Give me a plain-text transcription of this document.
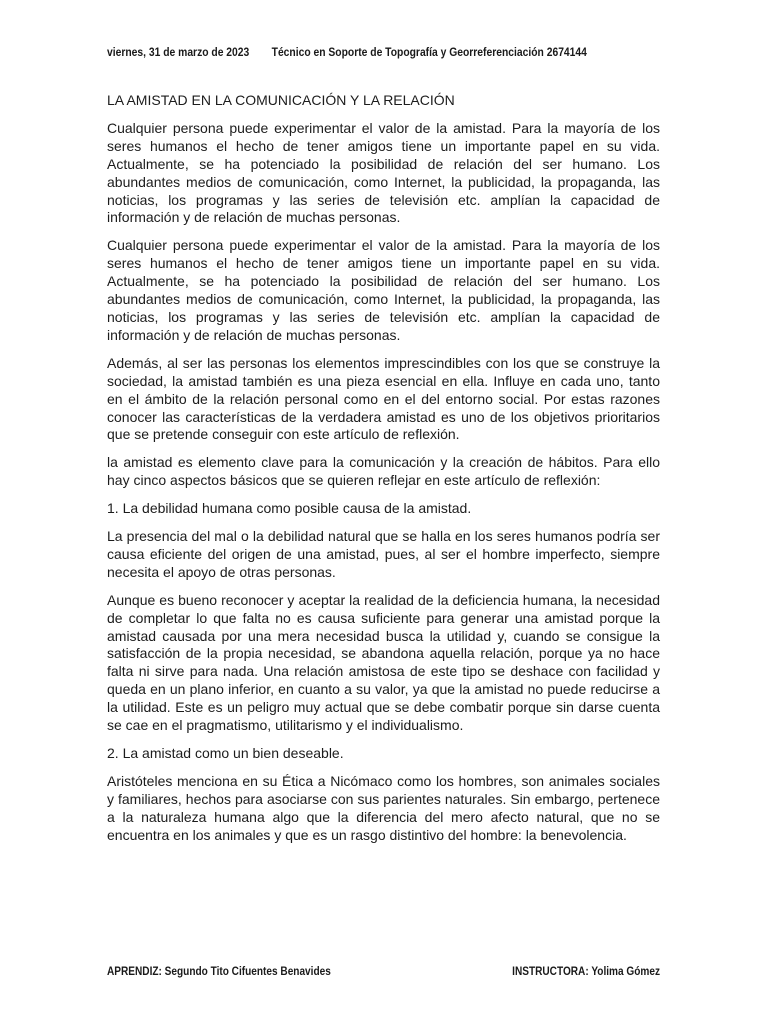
viernes, 31 de marzo de 2023 Técnico en Soporte de Topografía y Georreferenciación 2674144
LA AMISTAD EN LA COMUNICACIÓN Y LA RELACIÓN

Cualquier persona puede experimentar el valor de la amistad. Para la mayoría de los seres humanos el hecho de tener amigos tiene un importante papel en su vida. Actualmente, se ha potenciado la posibilidad de relación del ser humano. Los abundantes medios de comunicación, como Internet, la publicidad, la propaganda, las noticias, los programas y las series de televisión etc. amplían la capacidad de información y de relación de muchas personas.

Cualquier persona puede experimentar el valor de la amistad. Para la mayoría de los seres humanos el hecho de tener amigos tiene un importante papel en su vida. Actualmente, se ha potenciado la posibilidad de relación del ser humano. Los abundantes medios de comunicación, como Internet, la publicidad, la propaganda, las noticias, los programas y las series de televisión etc. amplían la capacidad de información y de relación de muchas personas.

Además, al ser las personas los elementos imprescindibles con los que se construye la sociedad, la amistad también es una pieza esencial en ella. Influye en cada uno, tanto en el ámbito de la relación personal como en el del entorno social. Por estas razones conocer las características de la verdadera amistad es uno de los objetivos prioritarios que se pretende conseguir con este artículo de reflexión.

la amistad es elemento clave para la comunicación y la creación de hábitos. Para ello hay cinco aspectos básicos que se quieren reflejar en este artículo de reflexión:

1. La debilidad humana como posible causa de la amistad.

La presencia del mal o la debilidad natural que se halla en los seres humanos podría ser causa eficiente del origen de una amistad, pues, al ser el hombre imperfecto, siempre necesita el apoyo de otras personas.

Aunque es bueno reconocer y aceptar la realidad de la deficiencia humana, la necesidad de completar lo que falta no es causa suficiente para generar una amistad porque la amistad causada por una mera necesidad busca la utilidad y, cuando se consigue la satisfacción de la propia necesidad, se abandona aquella relación, porque ya no hace falta ni sirve para nada. Una relación amistosa de este tipo se deshace con facilidad y queda en un plano inferior, en cuanto a su valor, ya que la amistad no puede reducirse a la utilidad. Este es un peligro muy actual que se debe combatir porque sin darse cuenta se cae en el pragmatismo, utilitarismo y el individualismo.

2. La amistad como un bien deseable.

Aristóteles menciona en su Ética a Nicómaco como los hombres, son animales sociales y familiares, hechos para asociarse con sus parientes naturales. Sin embargo, pertenece a la naturaleza humana algo que la diferencia del mero afecto natural, que no se encuentra en los animales y que es un rasgo distintivo del hombre: la benevolencia.

APRENDIZ: Segundo Tito Cifuentes Benavides	INSTRUCTORA: Yolima Gómez
